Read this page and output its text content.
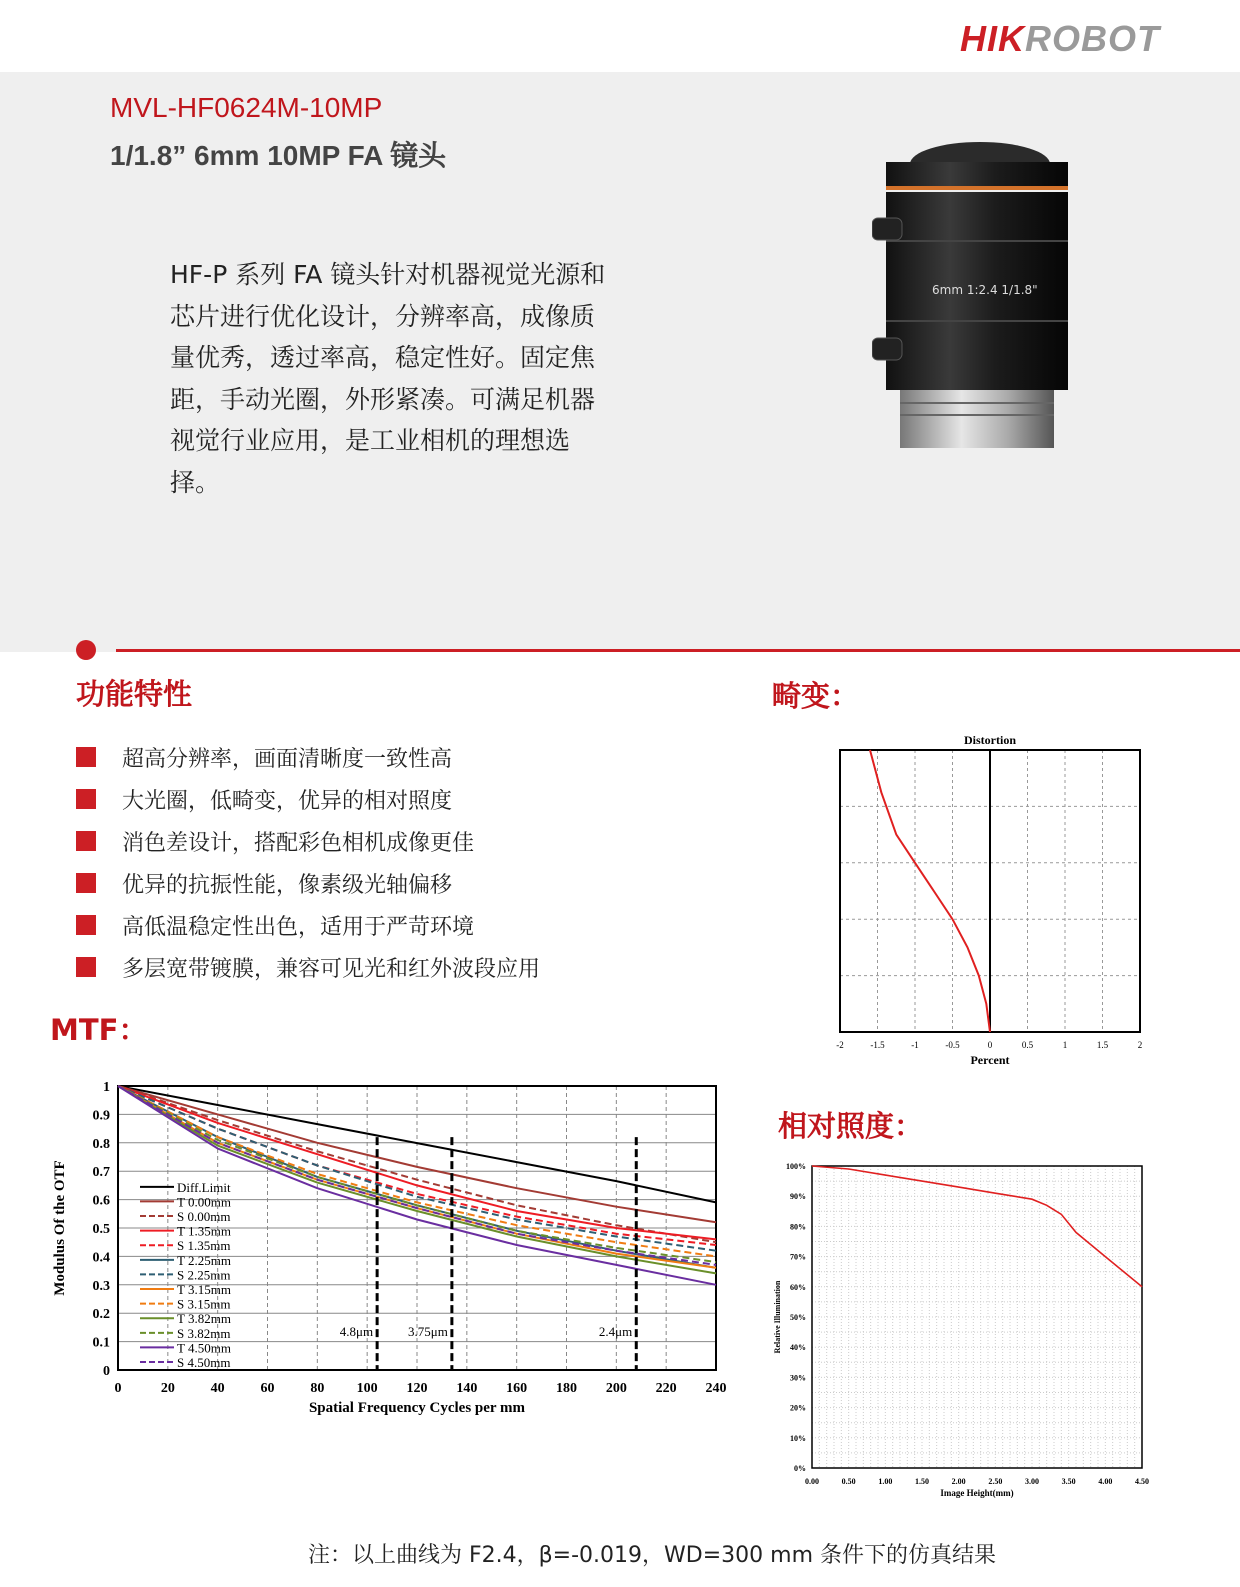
HIKROBOT
MVL-HF0624M-10MP
1/1.8” 6mm 10MP FA 镜头
HF-P 系列 FA 镜头针对机器视觉光源和
芯片进行优化设计，分辨率高，成像质
量优秀，透过率高，稳定性好。固定焦
距，手动光圈，外形紧凑。可满足机器
视觉行业应用，是工业相机的理想选
择。
6mm 1:2.4 1/1.8"
功能特性	畸变：
MTF：
相对照度：
超高分辨率，画面清晰度一致性高
大光圈，低畸变，优异的相对照度
消色差设计，搭配彩色相机成像更佳
优异的抗振性能，像素级光轴偏移
高低温稳定性出色，适用于严苛环境
多层宽带镀膜，兼容可见光和红外波段应用
Distortion
-2	-1.5	-1	-0.5	0	0.5	1	1.5	2
Percent
0	20	40	60	80 100 120 140 160 180 200 220 240
0
0.1
0.2
0.3
0.4
0.5
0.6
0.7
0.8
0.9
1
Spatial Frequency Cycles per mm
Modulus Of the OTF
4.8μm	3.75μm	2.4μm
Diff.Limit
T 0.00mm
S 0.00mm
T 1.35mm
S 1.35mm
T 2.25mm
S 2.25mm
T 3.15mm
S 3.15mm
T 3.82mm
S 3.82mm
T 4.50mm
S 4.50mm
0.00	0.50	1.00	1.50	2.00	2.50	3.00	3.50	4.00	4.50
0%
10%
20%
30%
40%
50%
60%
70%
80%
90%
100%
Image Height(mm)
Relative Illumination
注：以上曲线为 F2.4，β=-0.019，WD=300 mm 条件下的仿真结果
